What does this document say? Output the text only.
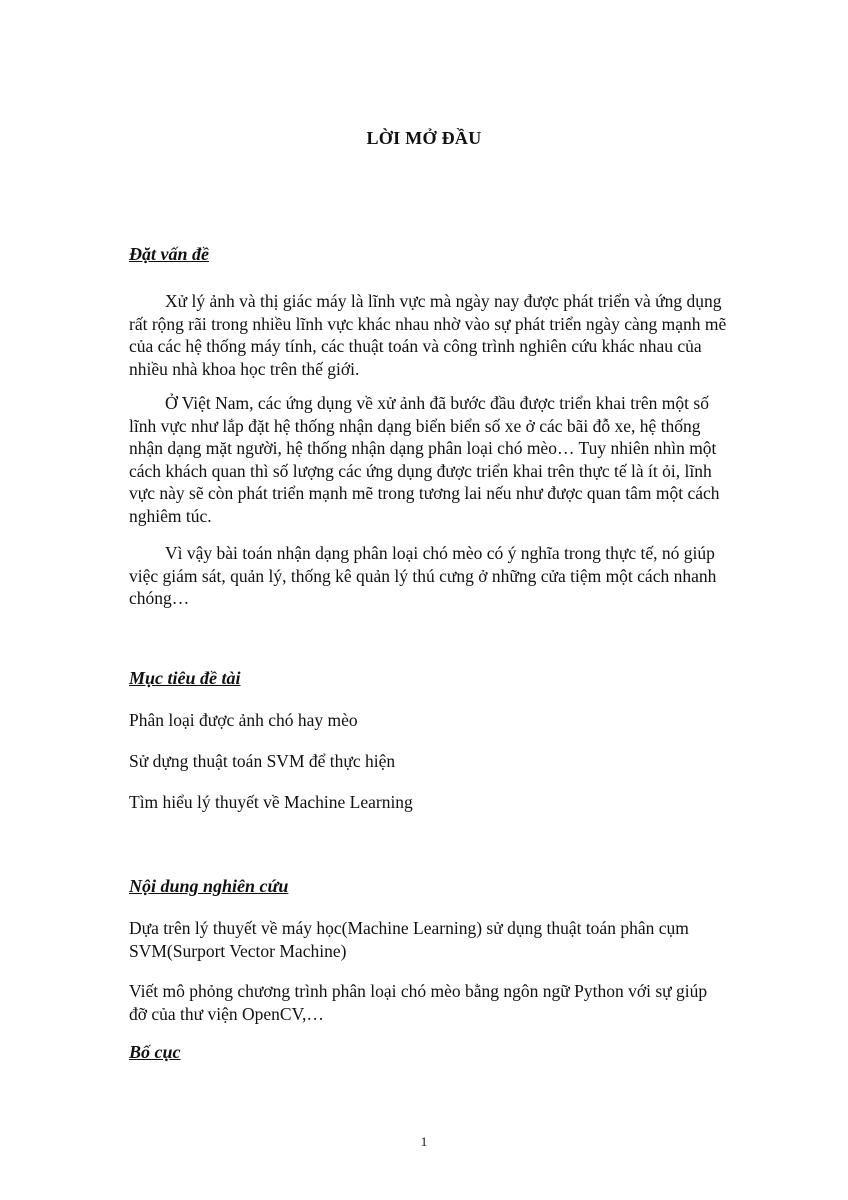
LỜI MỞ ĐẦU
Đặt vấn đề

Xử lý ảnh và thị giác máy là lĩnh vực mà ngày nay được phát triển và ứng dụng rất rộng rãi trong nhiều lĩnh vực khác nhau nhờ vào sự phát triển ngày càng mạnh mẽ của các hệ thống máy tính, các thuật toán và công trình nghiên cứu khác nhau của nhiều nhà khoa học trên thế giới.

Ở Việt Nam, các ứng dụng về xử ảnh đã bước đầu được triển khai trên một số lĩnh vực như lắp đặt hệ thống nhận dạng biển biển số xe ở các bãi đỗ xe, hệ thống nhận dạng mặt người, hệ thống nhận dạng phân loại chó mèo… Tuy nhiên nhìn một cách khách quan thì số lượng các ứng dụng được triển khai trên thực tế là ít ỏi, lĩnh vực này sẽ còn phát triển mạnh mẽ trong tương lai nếu như được quan tâm một cách nghiêm túc.

Vì vậy bài toán nhận dạng phân loại chó mèo có ý nghĩa trong thực tế, nó giúp việc giám sát, quản lý, thống kê quản lý thú cưng ở những cửa tiệm một cách nhanh chóng…

Mục tiêu đề tài
Phân loại được ảnh chó hay mèo
Sử dựng thuật toán SVM để thực hiện
Tìm hiểu lý thuyết về Machine Learning
Nội dung nghiên cứu

Dựa trên lý thuyết về máy học(Machine Learning) sử dụng thuật toán phân cụm SVM(Surport Vector Machine)

Viết mô phỏng chương trình phân loại chó mèo bằng ngôn ngữ Python với sự giúp đỡ của thư viện OpenCV,…

Bố cục
1
